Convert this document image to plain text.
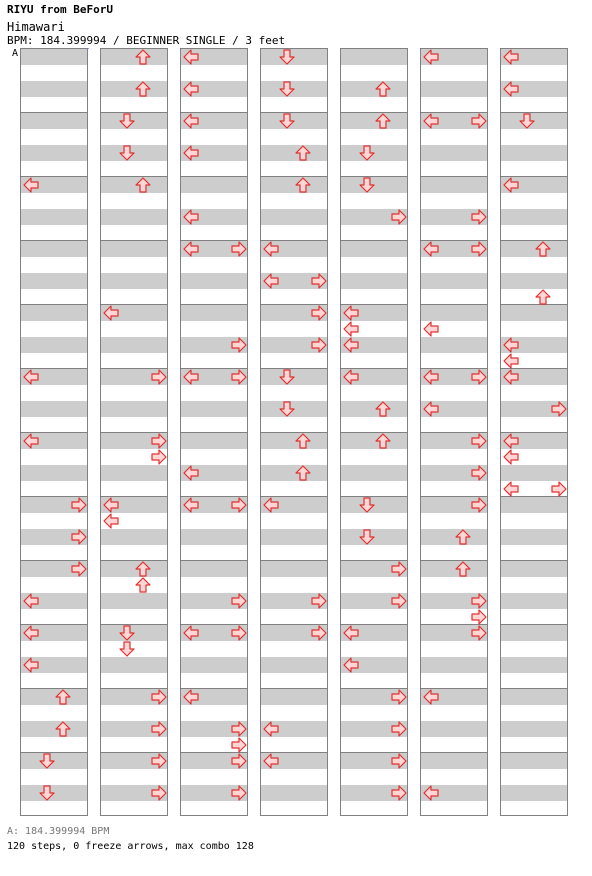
RIYU from BeForU
Himawari
BPM: 184.399994 / BEGINNER SINGLE / 3 feet
A
A: 184.399994 BPM
120 steps, 0 freeze arrows, max combo 128
